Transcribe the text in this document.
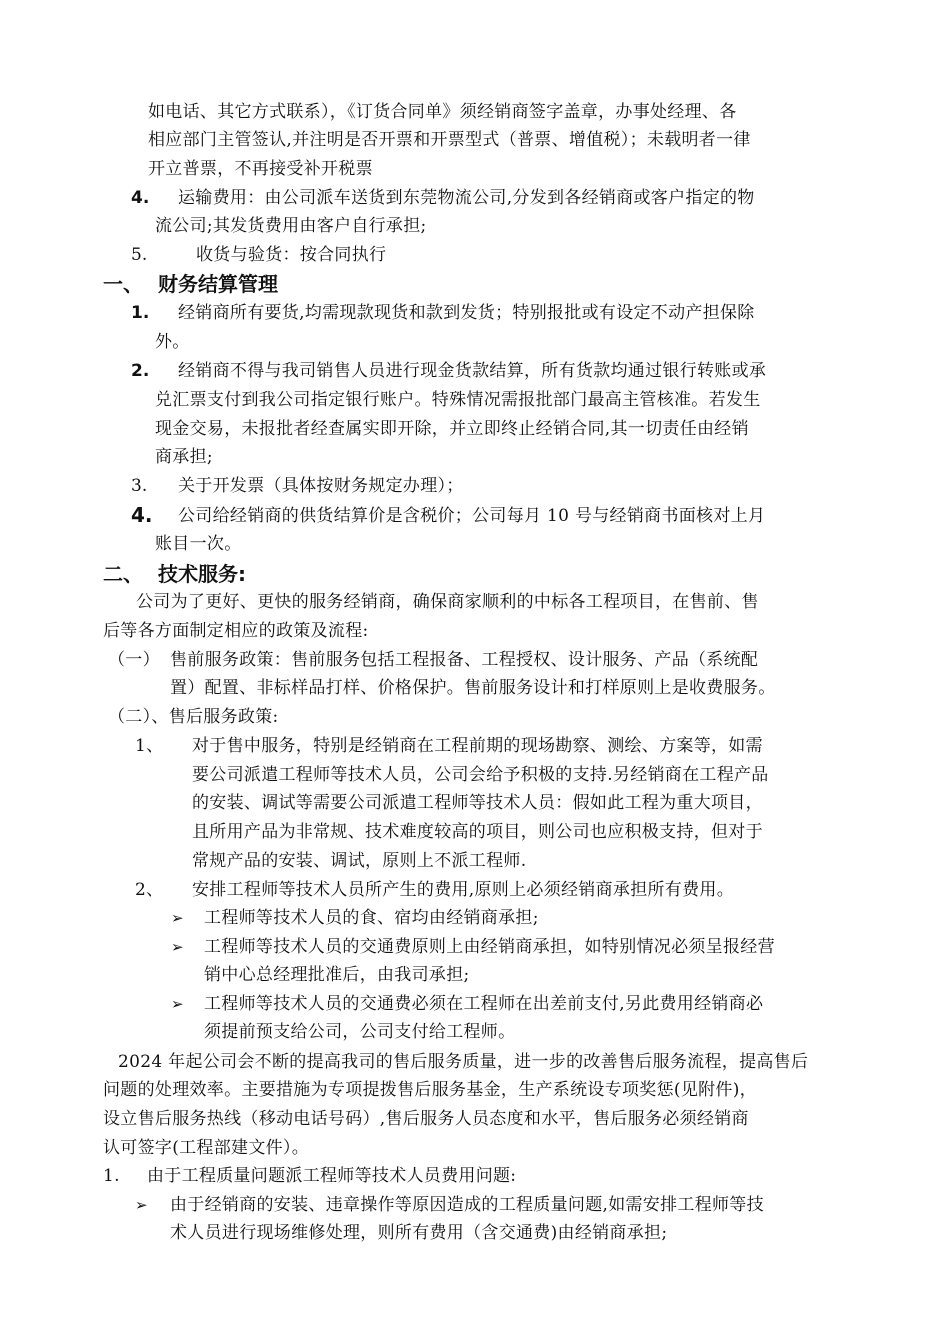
如电话、其它方式联系），《订货合同单》须经销商签字盖章，办事处经理、各
相应部门主管签认,并注明是否开票和开票型式（普票、增值税）；未载明者一律
开立普票，不再接受补开税票
4. 运输费用：由公司派车送货到东莞物流公司,分发到各经销商或客户指定的物
流公司;其发货费用由客户自行承担;
5.	收货与验货：按合同执行
一、 财务结算管理
1. 经销商所有要货,均需现款现货和款到发货；特别报批或有设定不动产担保除
外。
2. 经销商不得与我司销售人员进行现金货款结算，所有货款均通过银行转账或承
兑汇票支付到我公司指定银行账户。特殊情况需报批部门最高主管核准。若发生
现金交易，未报批者经查属实即开除，并立即终止经销合同,其一切责任由经销
商承担;
3. 关于开发票（具体按财务规定办理）；
4. 公司给经销商的供货结算价是含税价；公司每月 10 号与经销商书面核对上月
账目一次。
二、 技术服务:
公司为了更好、更快的服务经销商，确保商家顺利的中标各工程项目，在售前、售
后等各方面制定相应的政策及流程:
（一） 售前服务政策：售前服务包括工程报备、工程授权、设计服务、产品（系统配
置）配置、非标样品打样、价格保护。售前服务设计和打样原则上是收费服务。
（二）、售后服务政策:
1、 对于售中服务，特别是经销商在工程前期的现场勘察、测绘、方案等，如需
要公司派遣工程师等技术人员，公司会给予积极的支持.另经销商在工程产品
的安装、调试等需要公司派遣工程师等技术人员：假如此工程为重大项目，
且所用产品为非常规、技术难度较高的项目，则公司也应积极支持，但对于
常规产品的安装、调试，原则上不派工程师.
2、 安排工程师等技术人员所产生的费用,原则上必须经销商承担所有费用。
➢ 工程师等技术人员的食、宿均由经销商承担;
➢ 工程师等技术人员的交通费原则上由经销商承担，如特别情况必须呈报经营
销中心总经理批准后，由我司承担;
➢ 工程师等技术人员的交通费必须在工程师在出差前支付,另此费用经销商必
须提前预支给公司，公司支付给工程师。
2024 年起公司会不断的提高我司的售后服务质量，进一步的改善售后服务流程，提高售后
问题的处理效率。主要措施为专项提拨售后服务基金，生产系统设专项奖惩(见附件)，
设立售后服务热线（移动电话号码）,售后服务人员态度和水平，售后服务必须经销商
认可签字(工程部建文件）。
1. 由于工程质量问题派工程师等技术人员费用问题:
➢ 由于经销商的安装、违章操作等原因造成的工程质量问题,如需安排工程师等技
术人员进行现场维修处理，则所有费用（含交通费)由经销商承担;
